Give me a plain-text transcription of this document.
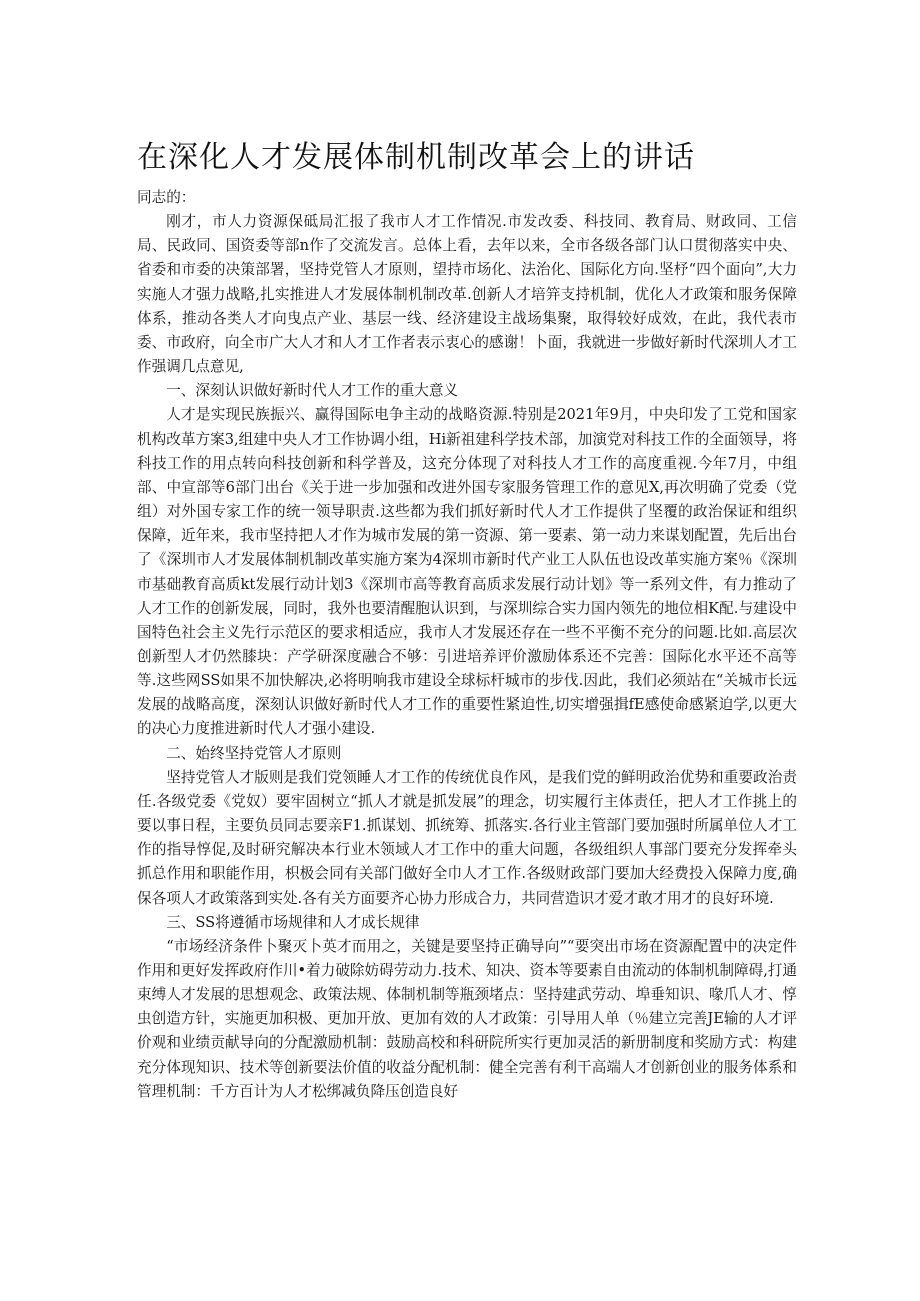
在深化人才发展体制机制改革会上的讲话

同志的：

刚才，市人力资源保砥局汇报了我市人才工作情况.市发改委、科技同、教育局、财政同、工信局、民政同、国资委等部n作了交流发言。总体上看，去年以来，全市各级各部门认口贯彻落实中央、省委和市委的决策部署，坚持党管人才原则，望持市场化、法治化、国际化方向.坚杼“四个面向”,大力实施人才强力战略,扎实推进人才发展体制机制改革.创新人才培笄支持机制，优化人才政策和服务保障体系，推动各类人才向曳点产业、基层一线、经济建设主战场集聚，取得较好成效，在此，我代表市委、市政府，向全市广大人才和人才工作者表示衷心的感谢！卜面，我就进一步做好新时代深圳人才工作强调几点意见,

一、深刻认识做好新时代人才工作的重大意义

人才是实现民族振兴、赢得国际电争主动的战略资源.特别是2021年9月，中央印发了工党和国家机构改革方案3,组建中央人才工作协调小组，Hi新祖建科学技术部，加演党对科技工作的全面领导，将科技工作的用点转向科技创新和科学普及，这充分体现了对科技人才工作的高度重视.今年7月，中组部、中宣部等6部门出台《关于进一步加强和改进外国专家服务管理工作的意见X,再次明确了党委（党组）对外国专家工作的统一领导职责.这些都为我们抓好新时代人才工作提供了坚覆的政治保证和组织保障，近年来，我市坚持把人才作为城市发展的第一资源、第一要素、第一动力来谋划配置，先后出台了《深圳市人才发展体制机制改革实施方案为4深圳市新时代产业工人队伍也设改革实施方案％《深圳市基础教育高质kt发展行动计划3《深圳市高等教育高质求发展行动计划》等一系列文件，有力推动了人才工作的创新发展，同时，我外也要清醒胞认识到，与深圳综合实力国内领先的地位相K配.与建设中国特色社会主义先行示范区的要求相适应，我市人才发展还存在一些不平衡不充分的问题.比如.高层次创新型人才仍然膝块：产学研深度融合不够：引进培养评价激励体系还不完善：国际化水平还不高等等.这些网SS如果不加快解决,必将明响我市建设全球标杆城市的步伐.因此，我们必须站在“关城市长远发展的战略高度，深刻认识做好新时代人才工作的重要性紧迫性,切实增强揖fE感使命感紧迫学,以更大的决心力度推进新时代人才强小建设.

二、始终坚持党管人才原则

坚持党管人才版则是我们党领睡人才工作的传统优良作风，是我们党的鲜明政治优势和重要政治责任.各级党委《党奴）要牢固树立“抓人才就是抓发展”的理念，切实履行主体责任，把人才工作挑上的要以事日程，主要负员同志要亲F1.抓谋划、抓统筹、抓落实.各行业主管部门要加强时所属单位人才工作的指导惇促,及时研究解决本行业木领域人才工作中的重大问题，各级组织人事部门要充分发挥牵头抓总作用和职能作用，枳极会同有关部门做好全巾人才工作.各级财政部门要加大经费投入保障力度,确保各项人才政策落到实处.各有关方面要齐心协力形成合力，共同营造识才爱才敢才用才的良好环境.

三、SS将遵循市场规律和人才成长规律

“市场经济条件卜聚灭卜英才而用之，关键是要坚持正确导向”“要突出市场在资源配置中的决定件作用和更好发挥政府作川•着力破除妨碍劳动力.技术、知决、资本等要素自由流动的体制机制障碍,打通束缚人才发展的思想观念、政策法规、体制机制等瓶颈堵点：坚持建武劳动、埠垂知识、喙爪人才、惇虫创造方针，实施更加积极、更加开放、更加有效的人才政策：引导用人单（％建立完善JE输的人才评价观和业绩贡献导向的分配激励机制：鼓励高校和科研院所实行更加灵活的新册制度和奖励方式：构建充分体现知识、技术等创新要法价值的收益分配机制：健全完善有利干高端人才创新创业的服务体系和管理机制：千方百计为人才松绑减负降压创造良好
